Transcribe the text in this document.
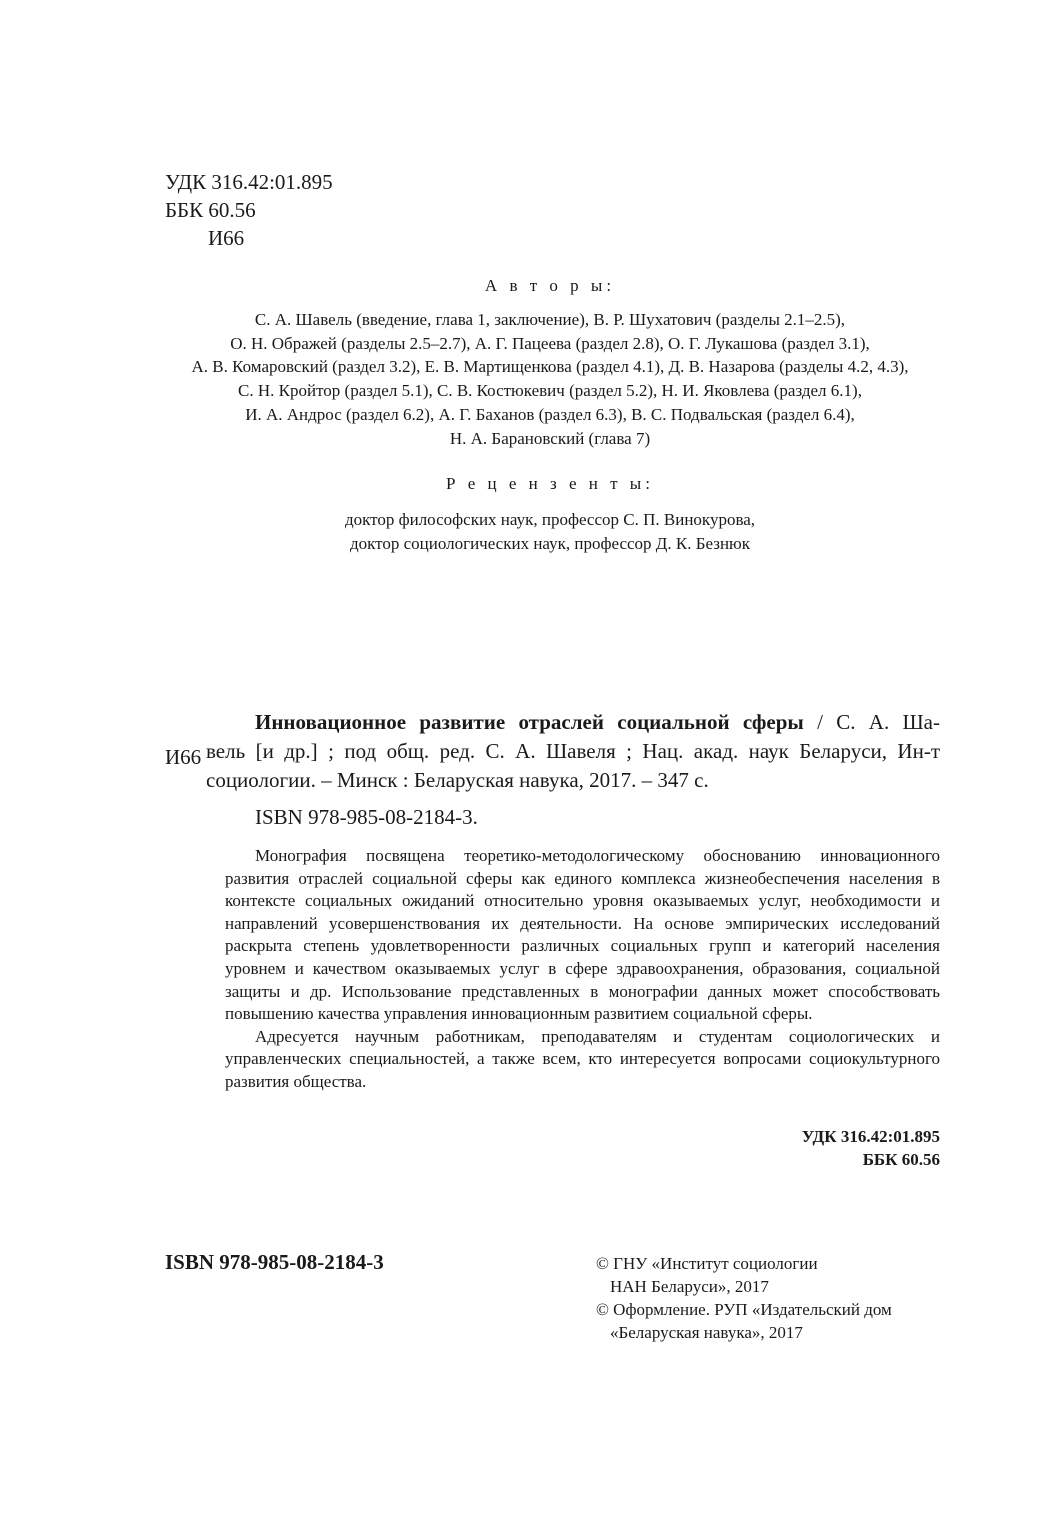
УДК 316.42:01.895
ББК 60.56
И66
А в т о р ы:
С. А. Шавель (введение, глава 1, заключение), В. Р. Шухатович (разделы 2.1–2.5),
О. Н. Ображей (разделы 2.5–2.7), А. Г. Пацеева (раздел 2.8), О. Г. Лукашова (раздел 3.1),
А. В. Комаровский (раздел 3.2), Е. В. Мартищенкова (раздел 4.1), Д. В. Назарова (разделы 4.2, 4.3),
С. Н. Кройтор (раздел 5.1), С. В. Костюкевич (раздел 5.2), Н. И. Яковлева (раздел 6.1),
И. А. Андрос (раздел 6.2), А. Г. Баханов (раздел 6.3), В. С. Подвальская (раздел 6.4),
Н. А. Барановский (глава 7)
Р е ц е н з е н т ы:
доктор философских наук, профессор С. П. Винокурова,
доктор социологических наук, профессор Д. К. Безнюк
И66
Инновационное развитие отраслей социальной сферы / С. А. Ша-
вель [и др.] ; под общ. ред. С. А. Шавеля ; Нац. акад. наук Беларуси, Ин-т социологии. – Минск : Беларуская навука, 2017. – 347 с.
ISBN 978-985-08-2184-3.

Монография посвящена теоретико-методологическому обоснованию инновационного развития отраслей социальной сферы как единого комплекса жизнеобеспечения населения в контексте социальных ожиданий относительно уровня оказываемых услуг, необходимости и направлений усовершенствования их деятельности. На основе эмпирических исследований раскрыта степень удовлетворенности различных социальных групп и категорий населения уровнем и качеством оказываемых услуг в сфере здравоохранения, образования, социальной защиты и др. Использование представленных в монографии данных может способствовать повышению качества управления инновационным развитием социальной сферы.

Адресуется научным работникам, преподавателям и студентам социологических и управленческих специальностей, а также всем, кто интересуется вопросами социокультурного развития общества.

УДК 316.42:01.895
ББК 60.56
ISBN 978-985-08-2184-3	© ГНУ «Институт социологии
НАН Беларуси», 2017
© Оформление. РУП «Издательский дом
«Беларуская навука», 2017
